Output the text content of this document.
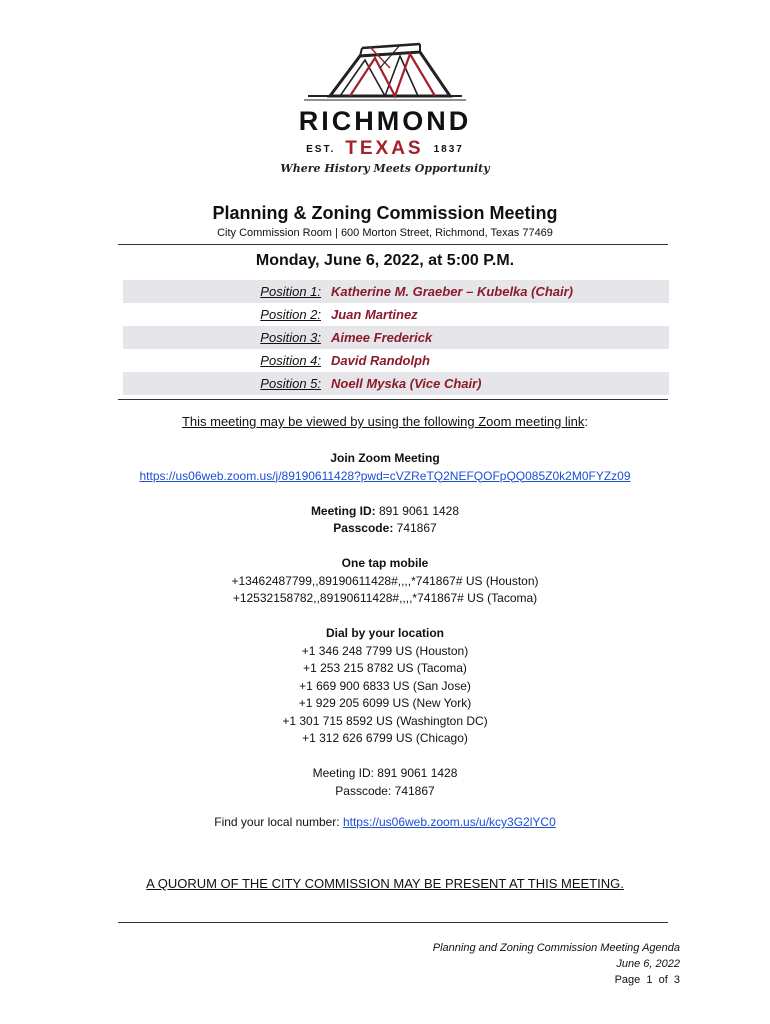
RICHMOND
EST. TEXAS 1837
Where History Meets Opportunity
Planning & Zoning Commission Meeting
City Commission Room | 600 Morton Street, Richmond, Texas 77469
Monday, June 6, 2022, at 5:00 P.M.
Position 1: Katherine M. Graeber – Kubelka (Chair)
Position 2: Juan Martinez
Position 3: Aimee Frederick
Position 4: David Randolph
Position 5: Noell Myska (Vice Chair)
This meeting may be viewed by using the following Zoom meeting link:
Join Zoom Meeting
https://us06web.zoom.us/j/89190611428?pwd=cVZReTQ2NEFQOFpQQ085Z0k2M0FYZz09
Meeting ID: 891 9061 1428
Passcode: 741867
One tap mobile
+13462487799,,89190611428#,,,,*741867# US (Houston)
+12532158782,,89190611428#,,,,*741867# US (Tacoma)
Dial by your location
+1 346 248 7799 US (Houston)
+1 253 215 8782 US (Tacoma)
+1 669 900 6833 US (San Jose)
+1 929 205 6099 US (New York)
+1 301 715 8592 US (Washington DC)
+1 312 626 6799 US (Chicago)
Meeting ID: 891 9061 1428
Passcode: 741867
Find your local number: https://us06web.zoom.us/u/kcy3G2lYC0
A QUORUM OF THE CITY COMMISSION MAY BE PRESENT AT THIS MEETING.
Planning and Zoning Commission Meeting Agenda
June 6, 2022
Page  1  of  3
